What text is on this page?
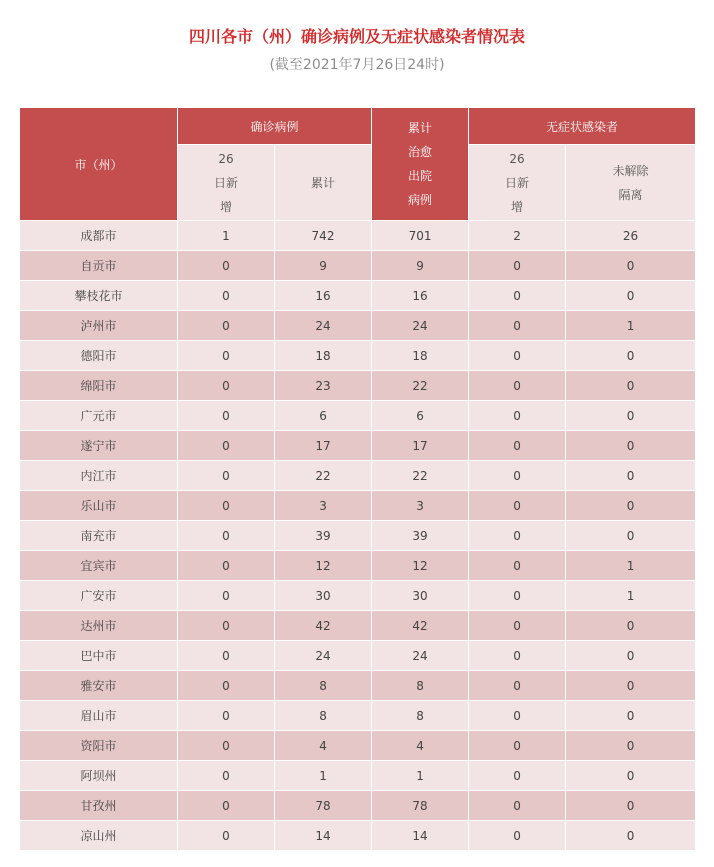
四川各市（州）确诊病例及无症状感染者情况表
(截至2021年7月26日24时)
市（州）	确诊病例		累计治愈出院病例	无症状感染者	
	26日新增	累计		26日新增	未解除隔离
成都市	1	742	701	2	26
自贡市	0	9	9	0	0
攀枝花市	0	16	16	0	0
泸州市	0	24	24	0	1
德阳市	0	18	18	0	0
绵阳市	0	23	22	0	0
广元市	0	6	6	0	0
遂宁市	0	17	17	0	0
内江市	0	22	22	0	0
乐山市	0	3	3	0	0
南充市	0	39	39	0	0
宜宾市	0	12	12	0	1
广安市	0	30	30	0	1
达州市	0	42	42	0	0
巴中市	0	24	24	0	0
雅安市	0	8	8	0	0
眉山市	0	8	8	0	0
资阳市	0	4	4	0	0
阿坝州	0	1	1	0	0
甘孜州	0	78	78	0	0
凉山州	0	14	14	0	0
